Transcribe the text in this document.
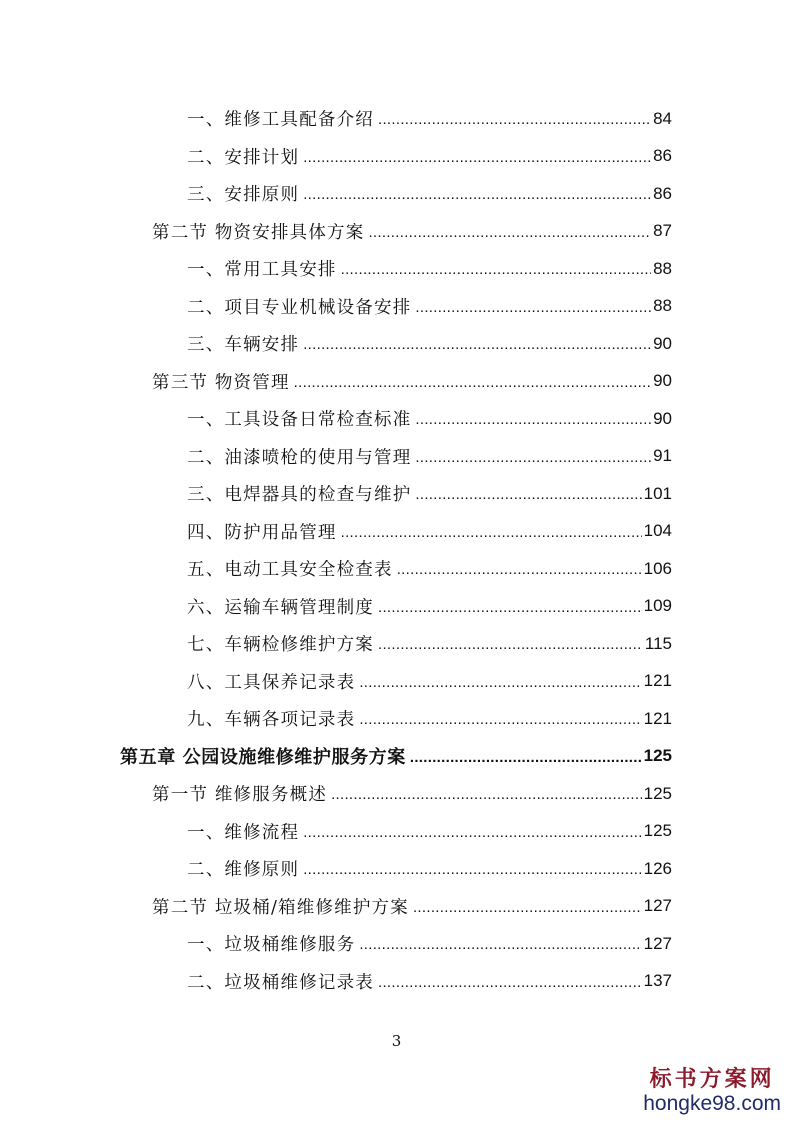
一、维修工具配备介绍 .....	84
二、安排计划 .....	86
三、安排原则 .....	86
第二节 物资安排具体方案 .....	87
一、常用工具安排 .....	88
二、项目专业机械设备安排 .....	88
三、车辆安排 .....	90
第三节 物资管理 .....	90
一、工具设备日常检查标准 .....	90
二、油漆喷枪的使用与管理 .....	91
三、电焊器具的检查与维护 .....	101
四、防护用品管理 .....	104
五、电动工具安全检查表 .....	106
六、运输车辆管理制度 .....	109
七、车辆检修维护方案 .....	115
八、工具保养记录表 .....	121
九、车辆各项记录表 .....	121
第五章 公园设施维修维护服务方案 .....	125
第一节 维修服务概述 .....	125
一、维修流程 .....	125
二、维修原则 .....	126
第二节 垃圾桶/箱维修维护方案 .....	127
一、垃圾桶维修服务 .....	127
二、垃圾桶维修记录表 .....	137
3
标书方案网
hongke98.com
